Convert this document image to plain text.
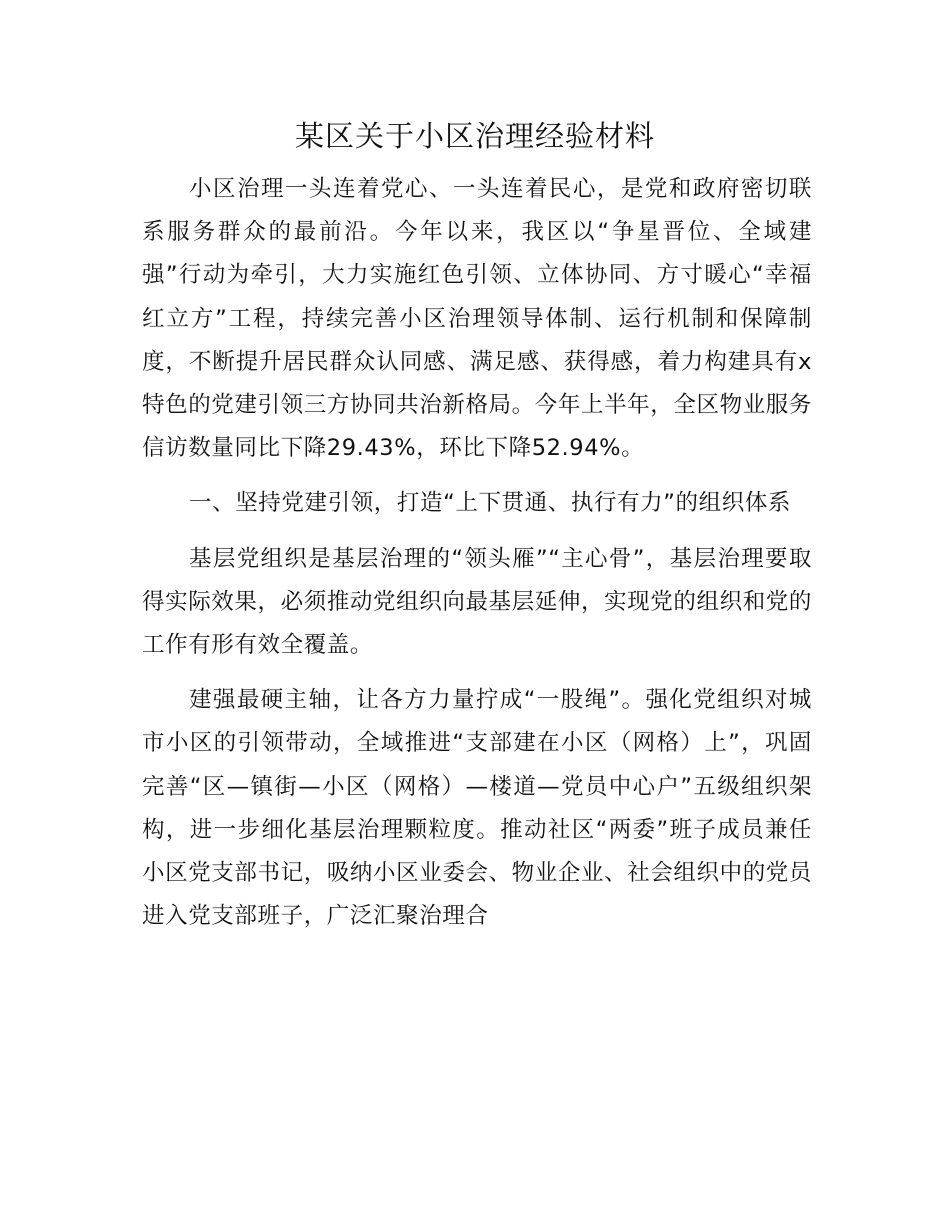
某区关于小区治理经验材料

小区治理一头连着党心、一头连着民心，是党和政府密切联系服务群众的最前沿。今年以来，我区以“争星晋位、全域建强”行动为牵引，大力实施红色引领、立体协同、方寸暖心“幸福红立方”工程，持续完善小区治理领导体制、运行机制和保障制度，不断提升居民群众认同感、满足感、获得感，着力构建具有x特色的党建引领三方协同共治新格局。今年上半年，全区物业服务信访数量同比下降29.43%，环比下降52.94%。

一、坚持党建引领，打造“上下贯通、执行有力”的组织体系

基层党组织是基层治理的“领头雁”“主心骨”，基层治理要取得实际效果，必须推动党组织向最基层延伸，实现党的组织和党的工作有形有效全覆盖。

建强最硬主轴，让各方力量拧成“一股绳”。强化党组织对城市小区的引领带动，全域推进“支部建在小区（网格）上”，巩固完善“区—镇街—小区（网格）—楼道—党员中心户”五级组织架构，进一步细化基层治理颗粒度。推动社区“两委”班子成员兼任小区党支部书记，吸纳小区业委会、物业企业、社会组织中的党员进入党支部班子，广泛汇聚治理合
